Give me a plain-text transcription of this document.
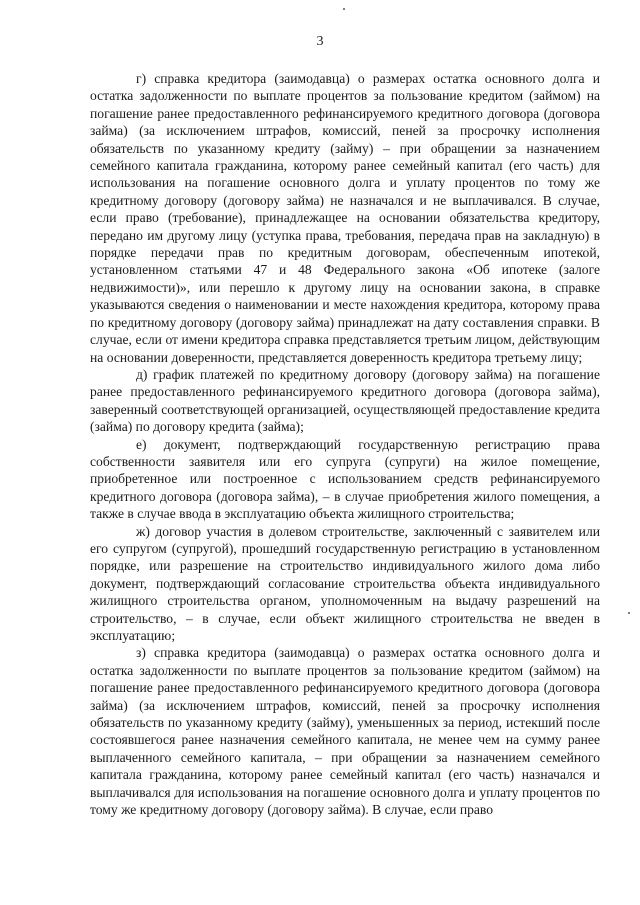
3

г) справка кредитора (заимодавца) о размерах остатка основного долга и остатка задолженности по выплате процентов за пользование кредитом (займом) на погашение ранее предоставленного рефинансируемого кредитного договора (договора займа) (за исключением штрафов, комиссий, пеней за просрочку исполнения обязательств по указанному кредиту (займу) – при обращении за назначением семейного капитала гражданина, которому ранее семейный капитал (его часть) для использования на погашение основного долга и уплату процентов по тому же кредитному договору (договору займа) не назначался и не выплачивался. В случае, если право (требование), принадлежащее на основании обязательства кредитору, передано им другому лицу (уступка права, требования, передача прав на закладную) в порядке передачи прав по кредитным договорам, обеспеченным ипотекой, установленном статьями 47 и 48 Федерального закона «Об ипотеке (залоге недвижимости)», или перешло к другому лицу на основании закона, в справке указываются сведения о наименовании и месте нахождения кредитора, которому права по кредитному договору (договору займа) принадлежат на дату составления справки. В случае, если от имени кредитора справка представляется третьим лицом, действующим на основании доверенности, представляется доверенность кредитора третьему лицу;

д) график платежей по кредитному договору (договору займа) на погашение ранее предоставленного рефинансируемого кредитного договора (договора займа), заверенный соответствующей организацией, осуществляющей предоставление кредита (займа) по договору кредита (займа);

е) документ, подтверждающий государственную регистрацию права собственности заявителя или его супруга (супруги) на жилое помещение, приобретенное или построенное с использованием средств рефинансируемого кредитного договора (договора займа), – в случае приобретения жилого помещения, а также в случае ввода в эксплуатацию объекта жилищного строительства;

ж) договор участия в долевом строительстве, заключенный с заявителем или его супругом (супругой), прошедший государственную регистрацию в установленном порядке, или разрешение на строительство индивидуального жилого дома либо документ, подтверждающий согласование строительства объекта индивидуального жилищного строительства органом, уполномоченным на выдачу разрешений на строительство, – в случае, если объект жилищного строительства не введен в эксплуатацию;

з) справка кредитора (заимодавца) о размерах остатка основного долга и остатка задолженности по выплате процентов за пользование кредитом (займом) на погашение ранее предоставленного рефинансируемого кредитного договора (договора займа) (за исключением штрафов, комиссий, пеней за просрочку исполнения обязательств по указанному кредиту (займу), уменьшенных за период, истекший после состоявшегося ранее назначения семейного капитала, не менее чем на сумму ранее выплаченного семейного капитала, – при обращении за назначением семейного капитала гражданина, которому ранее семейный капитал (его часть) назначался и выплачивался для использования на погашение основного долга и уплату процентов по тому же кредитному договору (договору займа). В случае, если право
